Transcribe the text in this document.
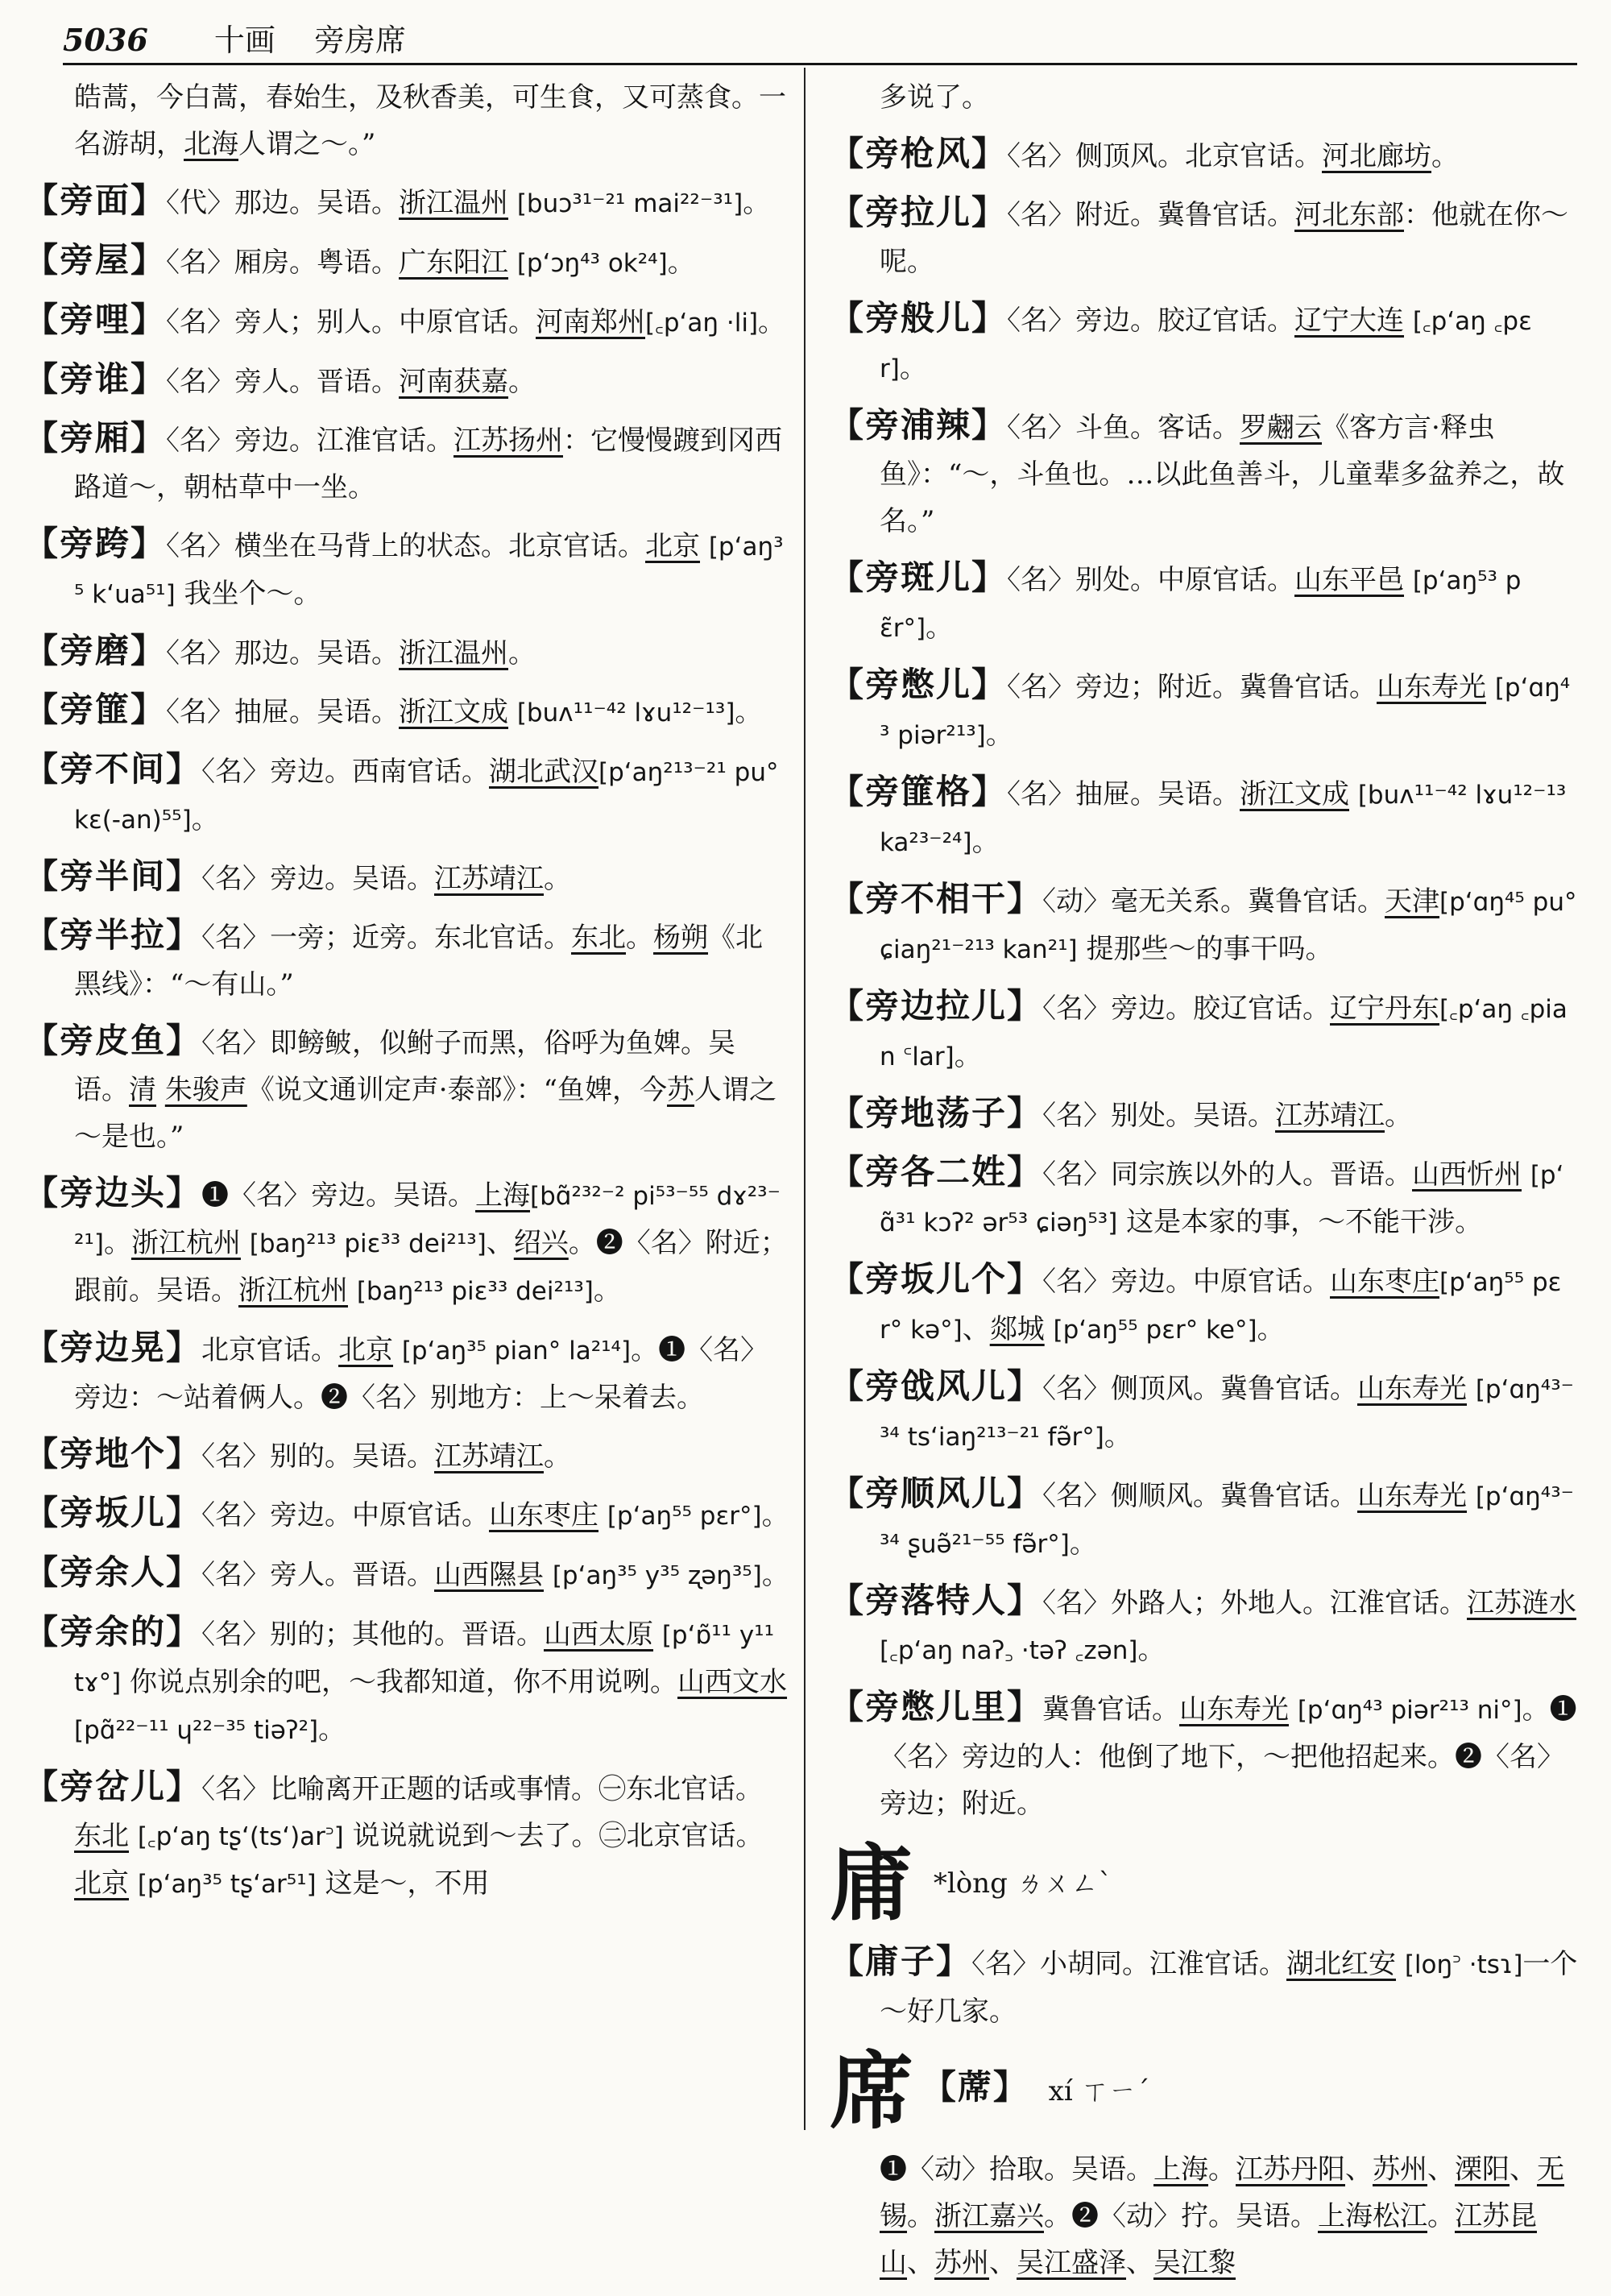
5036 十画 旁房席
皓蒿，今白蒿，春始生，及秋香美，可生食，又可蒸食。一名游胡，北海人谓之～。”
【旁面】〈代〉那边。吴语。浙江温州 [buɔ³¹⁻²¹ mai²²⁻³¹]。
【旁屋】〈名〉厢房。粤语。广东阳江 [pʻɔŋ⁴³ ok²⁴]。
【旁哩】〈名〉旁人；别人。中原官话。河南郑州[꜀pʻaŋ ·li]。
【旁谁】〈名〉旁人。晋语。河南获嘉。
【旁厢】〈名〉旁边。江淮官话。江苏扬州：它慢慢踱到冈西路道～，朝枯草中一坐。
【旁跨】〈名〉横坐在马背上的状态。北京官话。北京 [pʻaŋ³⁵ kʻua⁵¹] 我坐个～。
【旁磨】〈名〉那边。吴语。浙江温州。
【旁篚】〈名〉抽屉。吴语。浙江文成 [buʌ¹¹⁻⁴² lɤu¹²⁻¹³]。
【旁不间】〈名〉旁边。西南官话。湖北武汉[pʻaŋ²¹³⁻²¹ pu° kɛ(-an)⁵⁵]。
【旁半间】〈名〉旁边。吴语。江苏靖江。
【旁半拉】〈名〉一旁；近旁。东北官话。东北。杨朔《北黑线》：“～有山。”
【旁皮鱼】〈名〉即鳑鲏，似鲋子而黑，俗呼为鱼婢。吴语。清 朱骏声《说文通训定声·泰部》：“鱼婢，今苏人谓之～是也。”
【旁边头】❶〈名〉旁边。吴语。上海[bɑ̃²³²⁻² pi⁵³⁻⁵⁵ dɤ²³⁻²¹]。浙江杭州 [baŋ²¹³ piɛ³³ dei²¹³]、绍兴。❷〈名〉附近；跟前。吴语。浙江杭州 [baŋ²¹³ piɛ³³ dei²¹³]。
【旁边晃】北京官话。北京 [pʻaŋ³⁵ pian° la²¹⁴]。❶〈名〉旁边：～站着俩人。❷〈名〉别地方：上～呆着去。
【旁地个】〈名〉别的。吴语。江苏靖江。
【旁坂儿】〈名〉旁边。中原官话。山东枣庄 [pʻaŋ⁵⁵ pɛr°]。
【旁余人】〈名〉旁人。晋语。山西隰县 [pʻaŋ³⁵ y³⁵ ʐəŋ³⁵]。
【旁余的】〈名〉别的；其他的。晋语。山西太原 [pʻɒ̃¹¹ y¹¹ tɤ°] 你说点别余的吧，～我都知道，你不用说咧。山西文水 [pɑ̃²²⁻¹¹ ɥ²²⁻³⁵ tiəʔ²]。
【旁岔儿】〈名〉比喻离开正题的话或事情。㊀东北官话。东北 [꜀pʻaŋ tʂʻ(tsʻ)ar꜄] 说说就说到～去了。㊁北京官话。北京 [pʻaŋ³⁵ tʂʻar⁵¹] 这是～，不用
多说了。
【旁枪风】〈名〉侧顶风。北京官话。河北廊坊。
【旁拉儿】〈名〉附近。冀鲁官话。河北东部：他就在你～呢。
【旁般儿】〈名〉旁边。胶辽官话。辽宁大连 [꜀pʻaŋ ꜀pɛr]。
【旁浦辣】〈名〉斗鱼。客话。罗翽云《客方言·释虫鱼》：“～，斗鱼也。…以此鱼善斗，儿童辈多盆养之，故名。”
【旁斑儿】〈名〉别处。中原官话。山东平邑 [pʻaŋ⁵³ pɛ̃r°]。
【旁憋儿】〈名〉旁边；附近。冀鲁官话。山东寿光 [pʻɑŋ⁴³ piər²¹³]。
【旁篚格】〈名〉抽屉。吴语。浙江文成 [buʌ¹¹⁻⁴² lɤu¹²⁻¹³ ka²³⁻²⁴]。
【旁不相干】〈动〉毫无关系。冀鲁官话。天津[pʻɑŋ⁴⁵ pu° ɕiaŋ²¹⁻²¹³ kan²¹] 提那些～的事干吗。
【旁边拉儿】〈名〉旁边。胶辽官话。辽宁丹东[꜀pʻaŋ ꜀pian ꜂lar]。
【旁地荡子】〈名〉别处。吴语。江苏靖江。
【旁各二姓】〈名〉同宗族以外的人。晋语。山西忻州 [pʻɑ̃³¹ kɔʔ² ər⁵³ ɕiəŋ⁵³] 这是本家的事，～不能干涉。
【旁坂儿个】〈名〉旁边。中原官话。山东枣庄[pʻaŋ⁵⁵ pɛr° kə°]、郯城 [pʻaŋ⁵⁵ pɛr° ke°]。
【旁戗风儿】〈名〉侧顶风。冀鲁官话。山东寿光 [pʻɑŋ⁴³⁻³⁴ tsʻiaŋ²¹³⁻²¹ fə̃r°]。
【旁顺风儿】〈名〉侧顺风。冀鲁官话。山东寿光 [pʻɑŋ⁴³⁻³⁴ ʂuə̃²¹⁻⁵⁵ fə̃r°]。
【旁落特人】〈名〉外路人；外地人。江淮官话。江苏涟水 [꜀pʻaŋ naʔ꜆ ·təʔ ꜀zən]。
【旁憋儿里】冀鲁官话。山东寿光 [pʻɑŋ⁴³ piər²¹³ ni°]。❶〈名〉旁边的人：他倒了地下，～把他招起来。❷〈名〉旁边；附近。
庯 *lòng ㄌㄨㄥˋ
【庯子】〈名〉小胡同。江淮官话。湖北红安 [loŋ꜄ ·tsɿ]一个～好几家。
席 【蓆】 xí ㄒㄧˊ
❶〈动〉拾取。吴语。上海。江苏丹阳、苏州、溧阳、无锡。浙江嘉兴。❷〈动〉拧。吴语。上海松江。江苏昆山、苏州、吴江盛泽、吴江黎
